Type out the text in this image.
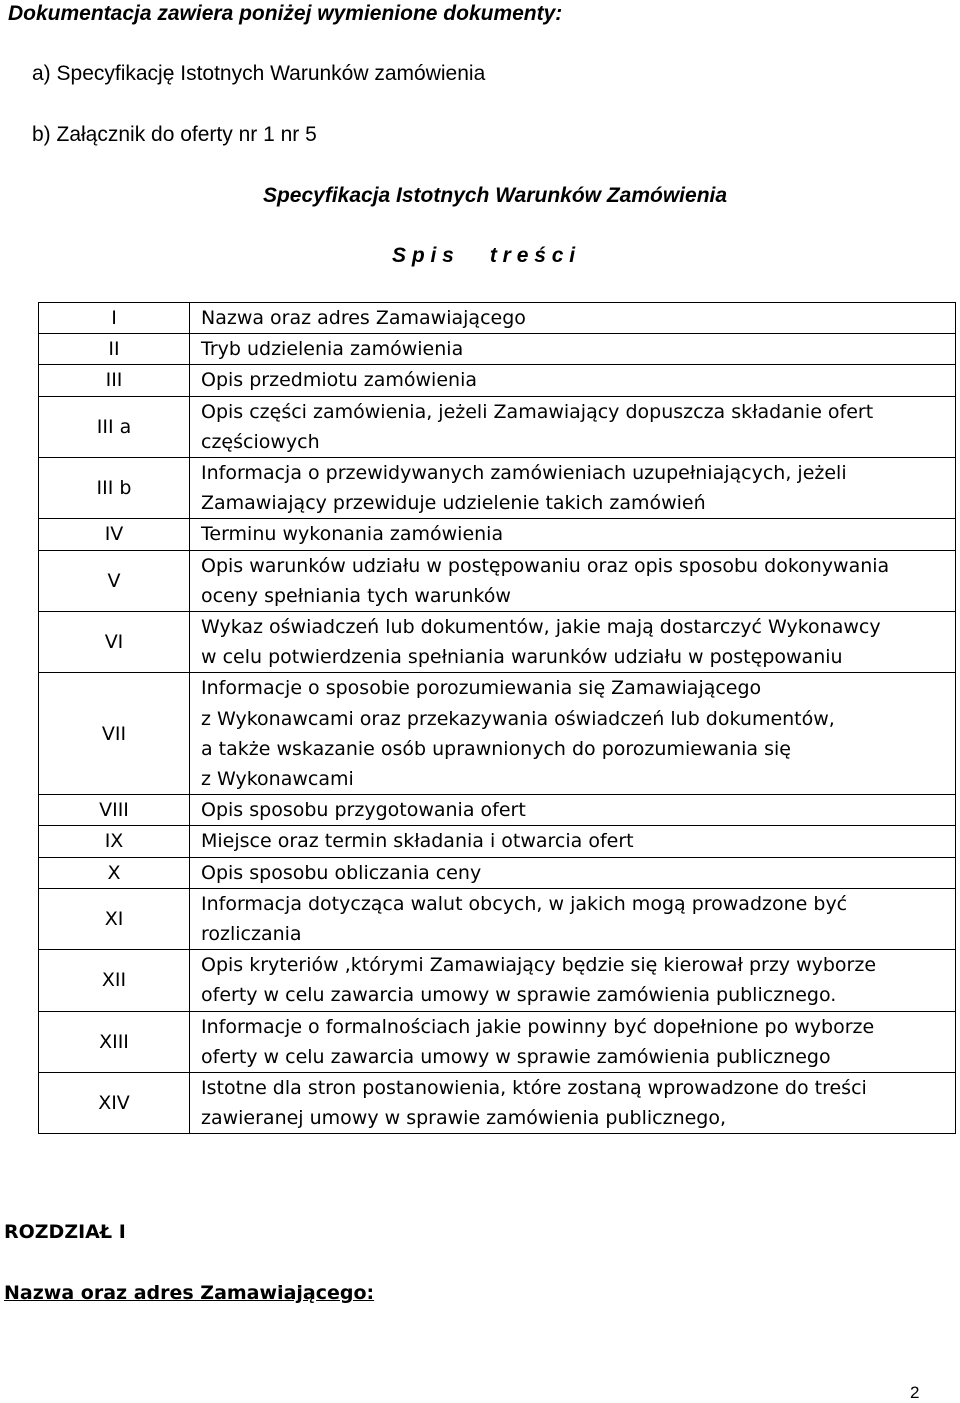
Dokumentacja zawiera poniżej wymienione dokumenty:
a) Specyfikację Istotnych Warunków zamówienia
b) Załącznik do oferty nr 1 nr 5
Specyfikacja Istotnych Warunków Zamówienia
S p i s t r e ś c i
I	Nazwa oraz adres Zamawiającego

II	Tryb udzielenia zamówienia

III	Opis przedmiotu zamówienia

III a	Opis części zamówienia, jeżeli Zamawiający dopuszcza składanie ofert
częściowych

III b	Informacja o przewidywanych zamówieniach uzupełniających, jeżeli
Zamawiający przewiduje udzielenie takich zamówień

IV	Terminu wykonania zamówienia

V	Opis warunków udziału w postępowaniu oraz opis sposobu dokonywania
oceny spełniania tych warunków

VI	Wykaz oświadczeń lub dokumentów, jakie mają dostarczyć Wykonawcy
w celu potwierdzenia spełniania warunków udziału w postępowaniu

VII	Informacje o sposobie porozumiewania się Zamawiającego
z Wykonawcami oraz przekazywania oświadczeń lub dokumentów,
a także wskazanie osób uprawnionych do porozumiewania się
z Wykonawcami

VIII	Opis sposobu przygotowania ofert

IX	Miejsce oraz termin składania i otwarcia ofert

X	Opis sposobu obliczania ceny

XI	Informacja dotycząca walut obcych, w jakich mogą prowadzone być
rozliczania

XII	Opis kryteriów ,którymi Zamawiający będzie się kierował przy wyborze
oferty w celu zawarcia umowy w sprawie zamówienia publicznego.

XIII	Informacje o formalnościach jakie powinny być dopełnione po wyborze
oferty w celu zawarcia umowy w sprawie zamówienia publicznego

XIV	Istotne dla stron postanowienia, które zostaną wprowadzone do treści
zawieranej umowy w sprawie zamówienia publicznego,
ROZDZIAŁ I
Nazwa oraz adres Zamawiającego:
2
